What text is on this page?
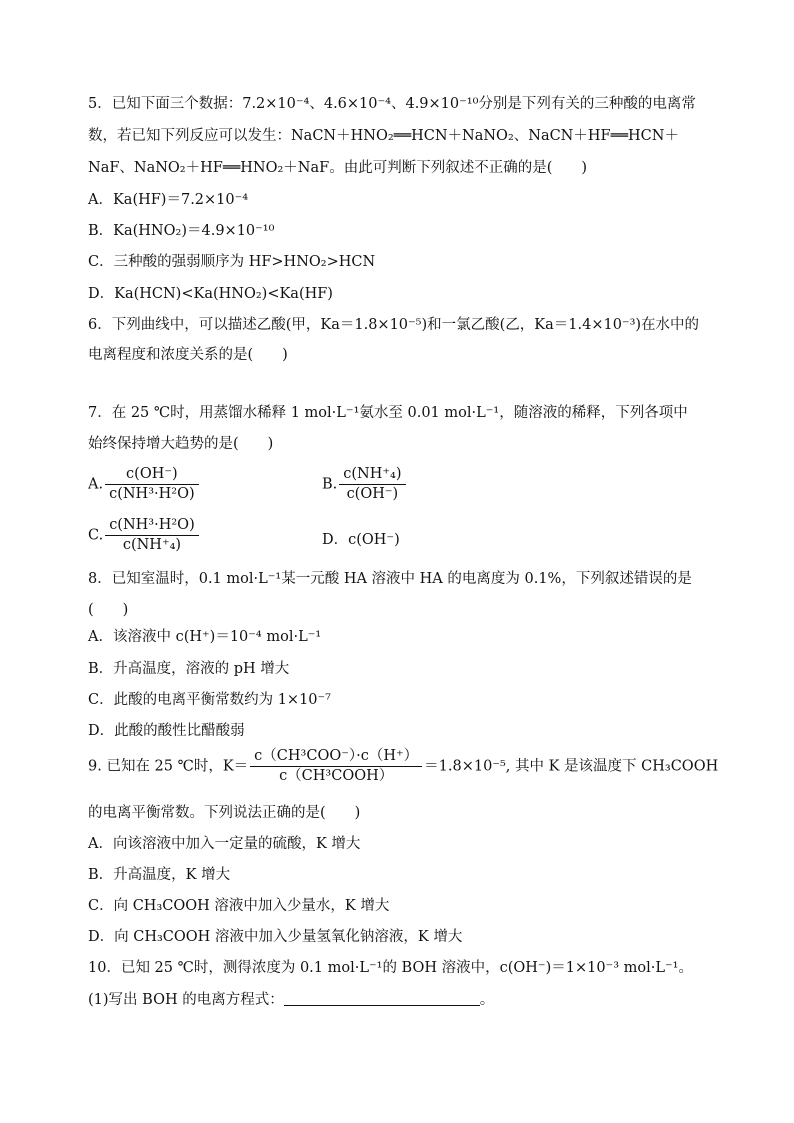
5．已知下面三个数据：7.2×10⁻⁴、4.6×10⁻⁴、4.9×10⁻¹⁰分别是下列有关的三种酸的电离常
数，若已知下列反应可以发生：NaCN＋HNO₂══HCN＋NaNO₂、NaCN＋HF══HCN＋
NaF、NaNO₂＋HF══HNO₂＋NaF。由此可判断下列叙述不正确的是(　　)
A．Ka(HF)＝7.2×10⁻⁴
B．Ka(HNO₂)＝4.9×10⁻¹⁰
C．三种酸的强弱顺序为 HF>HNO₂>HCN
D．Ka(HCN)<Ka(HNO₂)<Ka(HF)
6．下列曲线中，可以描述乙酸(甲，Ka＝1.8×10⁻⁵)和一氯乙酸(乙，Ka＝1.4×10⁻³)在水中的
电离程度和浓度关系的是(　　)
7．在 25 ℃时，用蒸馏水稀释 1 mol·L⁻¹氨水至 0.01 mol·L⁻¹，随溶液的稀释，下列各项中
始终保持增大趋势的是(　　)
A. $\frac{c(OH^-)}{\text{c(NH³·H²O)}}$	B. $\frac{\text{c(NH⁺₄)}}{c(OH^-)}$
C. $\frac{\text{c(NH³·H²O)}}{\text{c(NH⁺₄)}}$	D．c(OH⁻)
8．已知室温时，0.1 mol·L⁻¹某一元酸 HA 溶液中 HA 的电离度为 0.1%，下列叙述错误的是
(　　)
A．该溶液中 c(H⁺)＝10⁻⁴ mol·L⁻¹
B．升高温度，溶液的 pH 增大
C．此酸的电离平衡常数约为 1×10⁻⁷
D．此酸的酸性比醋酸弱
9. 已知在 25 ℃时，$K= \frac{\text{c（CH³COO⁻）·c（H⁺）}}{\text{c（CH³COOH）}} =1.8\times 10^{-5}$, 其中 K 是该温度下 CH₃COOH
的电离平衡常数。下列说法正确的是(　　)
A．向该溶液中加入一定量的硫酸，K 增大
B．升高温度，K 增大
C．向 CH₃COOH 溶液中加入少量水，K 增大
D．向 CH₃COOH 溶液中加入少量氢氧化钠溶液，K 增大
10．已知 25 ℃时，测得浓度为 0.1 mol·L⁻¹的 BOH 溶液中，c(OH⁻)＝1×10⁻³ mol·L⁻¹。
(1)写出 BOH 的电离方程式：	。
